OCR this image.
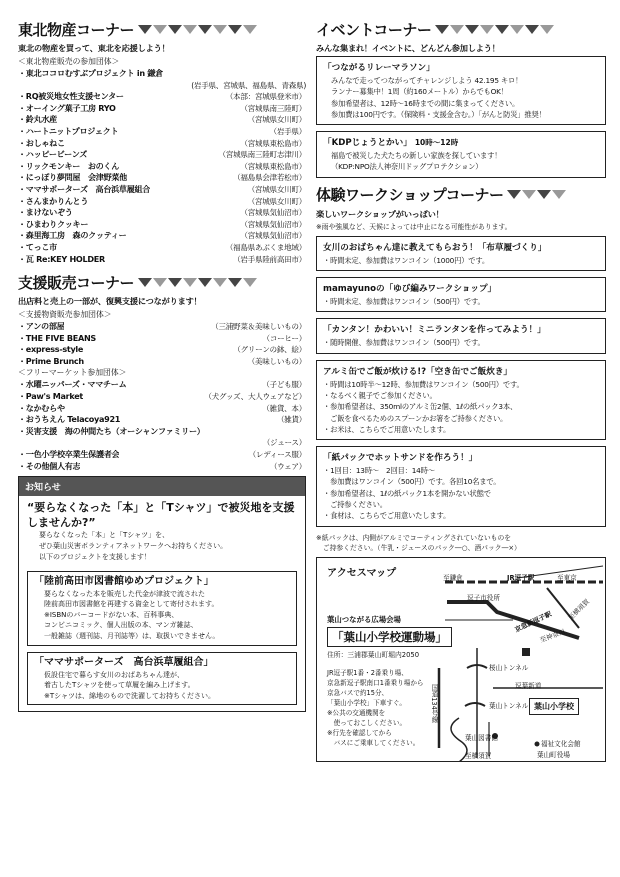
東北物産コーナー
東北の物産を買って、東北を応援しよう！
＜東北物産販売の参加団体＞
・東北ココロむすぶプロジェクト in 鎌倉
(岩手県、宮城県、福島県、青森県)
・RQ被災地女性支援センター	（本部：宮城県登米市）
・オーイング菓子工房 RYO	（宮城県南三陸町）
・鈴丸水産	（宮城県女川町）
・ハートニットプロジェクト	（岩手県）
・おしゃねこ	（宮城県東松島市）
・ハッピービーンズ	（宮城県南三陸町志津川）
・リックモンキー　おのくん	（宮城県東松島市）
・にっぽり夢問屋　会津野菜他	（福島県会津若松市）
・ママサポーターズ　高台浜草履組合	（宮城県女川町）
・さんまかりんとう	（宮城県女川町）
・まけないぞう	（宮城県気仙沼市）
・ひまわりクッキー	（宮城県気仙沼市）
・森里海工房　森のクッティー	（宮城県気仙沼市）
・てっこ市	（福島県あぶくま地域）
・瓦 Re:KEY HOLDER	（岩手県陸前高田市）
支援販売コーナー
出店料と売上の一部が、復興支援につながります！
＜支援物資販売参加団体＞
・アンの部屋	（三浦野菜＆美味しいもの）
・THE FIVE BEANS	（コーヒー）
・express-style	（グリーンの鉢、絵）
・Prime Brunch	（美味しいもの）
＜フリーマーケット参加団体＞
・水曜ニッパーズ・ママチーム	（子ども服）
・Paw's Market	（犬グッズ、大人ウェアなど）
・なかむらや	（雑貨、本）
・おうちえん Telacoya921	（雑貨）
・災害支援　海の仲間たち（オーシャンファミリー）
（ジュース）
・一色小学校卒業生保護者会	（レディース服）
・その他個人有志	（ウェア）
お知らせ
“要らなくなった「本」と「Tシャツ」で被災地を支援しませんか?”
要らなくなった「本」と「Tシャツ」を、
ぜひ葉山災害ボランティアネットワークへお持ちください。
以下のプロジェクトを支援します！
「陸前高田市図書館ゆめプロジェクト」
要らなくなった本を販売した代金が津波で流された
陸前高田市図書館を再建する資金として寄付されます。
※ISBNのバーコードがない本、百科事典、
コンビニコミック、個人出版の本、マンガ雑誌、
一般雑誌（週刊誌、月刊誌等）は、取扱いできません。
「ママサポーターズ　高台浜草履組合」
仮設住宅で暮らす女川のおばあちゃん達が、
着古したTシャツを使って草履を編み上げます。
※Tシャツは、綿地のもので洗濯してお持ちください。
イベントコーナー
みんな集まれ！イベントに、どんどん参加しよう！
「つながるリレーマラソン」
みんなで走ってつながってチャレンジしよう 42.195 キロ！
ランナー募集中！1周（約160メートル）からでもOK！
参加希望者は、12時～16時までの間に集まってください。
参加費は100円です。（保険料・支援金含む。）「がんと防災」推奨！
「KDPじょうとかい」 10時～12時
福島で被災した犬たちの新しい家族を探しています！
（KDP:NPO法人神奈川ドッグプロテクション）
体験ワークショップコーナー
楽しいワークショップがいっぱい！
※雨や強風など、天候によっては中止になる可能性があります。
女川のおばちゃん達に教えてもらおう！「布草履づくり」
・時間未定、参加費はワンコイン（1000円）です。
mamayunoの「ゆび編みワークショップ」
・時間未定、参加費はワンコイン（500円）です。
「カンタン！かわいい！ミニランタンを作ってみよう！」
・随時開催、参加費はワンコイン（500円）です。
アルミ缶でご飯が炊ける!?「空き缶でご飯炊き」
・時間は10時半～12時、参加費はワンコイン（500円）です。
・なるべく親子でご参加ください。
・参加希望者は、350mlのアルミ缶2個、1ℓの紙パック3本、
　ご飯を食べるためのスプーンかお箸をご持参ください。
・お米は、こちらでご用意いたします。
「紙パックでホットサンドを作ろう！」
・1回目：13時～　2回目：14時～
　参加費はワンコイン（500円）です。各回10名まで。
・参加希望者は、1ℓの紙パック1本を開かない状態で
　ご持参ください。
・食材は、こちらでご用意いたします。
※紙パックは、内側がアルミでコーティングされていないものを
　ご持参ください。（牛乳・ジュースのパック―○、酒パック―×）
アクセスマップ	至鎌倉	JR逗子駅	至東京
至横須賀
逗子市役所
京急新逗子駅
至神奈川
国道134号線
桜山トンネル
逗葉新道
葉山トンネル
葉山図書館
葉山小学校
福祉文化会館
葉山町役場
至横須賀
葉山つながる広場会場
「葉山小学校運動場」
住所：三浦郡葉山町堀内2050
JR逗子駅1番・2番乗り場、
京急新逗子駅南口1番乗り場から
京急バスで約15分、
「葉山小学校」下車すぐ。
※公共の交通機関を
　使っておこしください。
※行先を確認してから
　バスにご乗車してください。
